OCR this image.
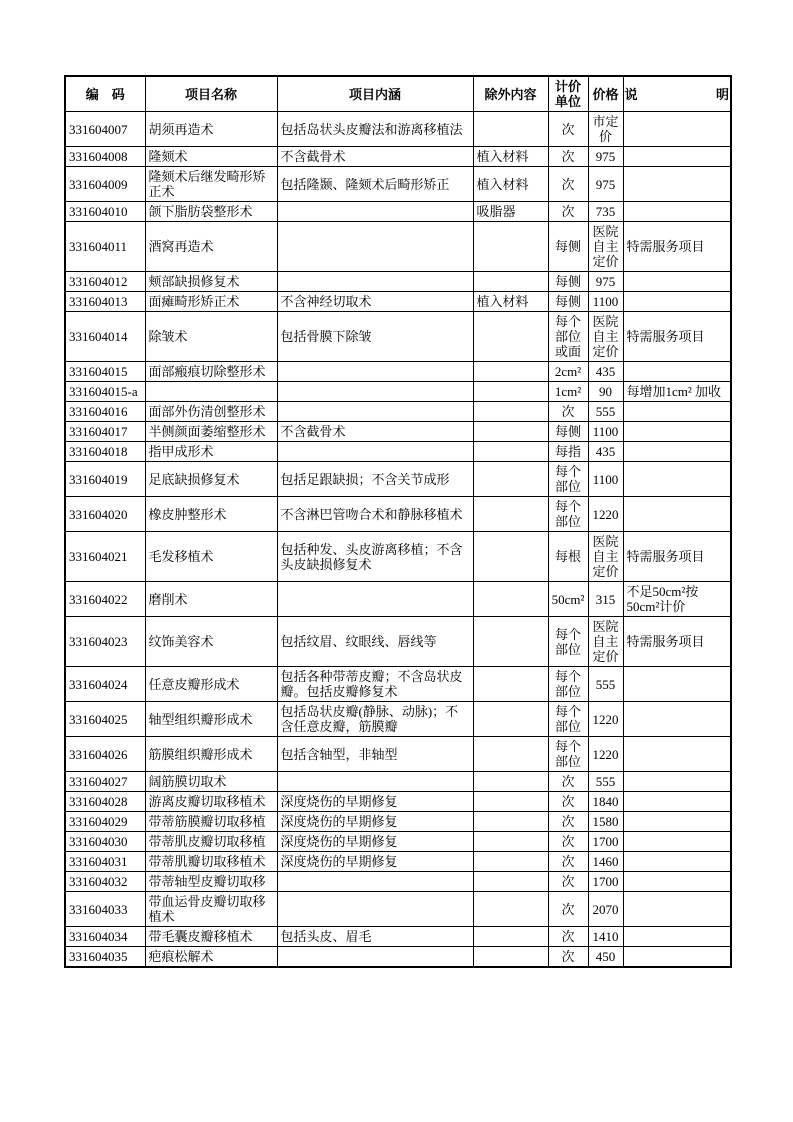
编　码	项目名称	项目内涵	除外内容	计价单位	价格	说 明
331604007	胡须再造术	包括岛状头皮瓣法和游离移植法		次	市定价	
331604008	隆颏术	不含截骨术	植入材料	次	975	
331604009	隆颏术后继发畸形矫正术	包括隆颞、隆颏术后畸形矫正	植入材料	次	975	
331604010	颌下脂肪袋整形术		吸脂器	次	735	
331604011	酒窝再造术			每侧	医院自主定价	特需服务项目
331604012	颊部缺损修复术			每侧	975	
331604013	面瘫畸形矫正术	不含神经切取术	植入材料	每侧	1100	
331604014	除皱术	包括骨膜下除皱		每个部位或面	医院自主定价	特需服务项目
331604015	面部瘢痕切除整形术			2cm²	435	
331604015-a				1cm²	90	每增加1cm² 加收
331604016	面部外伤清创整形术			次	555	
331604017	半侧颜面萎缩整形术	不含截骨术		每侧	1100	
331604018	指甲成形术			每指	435	
331604019	足底缺损修复术	包括足跟缺损；不含关节成形		每个部位	1100	
331604020	橡皮肿整形术	不含淋巴管吻合术和静脉移植术		每个部位	1220	
331604021	毛发移植术	包括种发、头皮游离移植；不含头皮缺损修复术		每根	医院自主定价	特需服务项目
331604022	磨削术			50cm²	315	不足50cm²按50cm²计价
331604023	纹饰美容术	包括纹眉、纹眼线、唇线等		每个部位	医院自主定价	特需服务项目
331604024	任意皮瓣形成术	包括各种带蒂皮瓣；不含岛状皮瓣。包括皮瓣修复术		每个部位	555	
331604025	轴型组织瓣形成术	包括岛状皮瓣(静脉、动脉)；不含任意皮瓣，筋膜瓣		每个部位	1220	
331604026	筋膜组织瓣形成术	包括含轴型，非轴型		每个部位	1220	
331604027	阔筋膜切取术			次	555	
331604028	游离皮瓣切取移植术	深度烧伤的早期修复		次	1840	
331604029	带蒂筋膜瓣切取移植	深度烧伤的早期修复		次	1580	
331604030	带蒂肌皮瓣切取移植	深度烧伤的早期修复		次	1700	
331604031	带蒂肌瓣切取移植术	深度烧伤的早期修复		次	1460	
331604032	带蒂轴型皮瓣切取移			次	1700	
331604033	带血运骨皮瓣切取移植术			次	2070	
331604034	带毛囊皮瓣移植术	包括头皮、眉毛		次	1410	
331604035	疤痕松解术			次	450	
